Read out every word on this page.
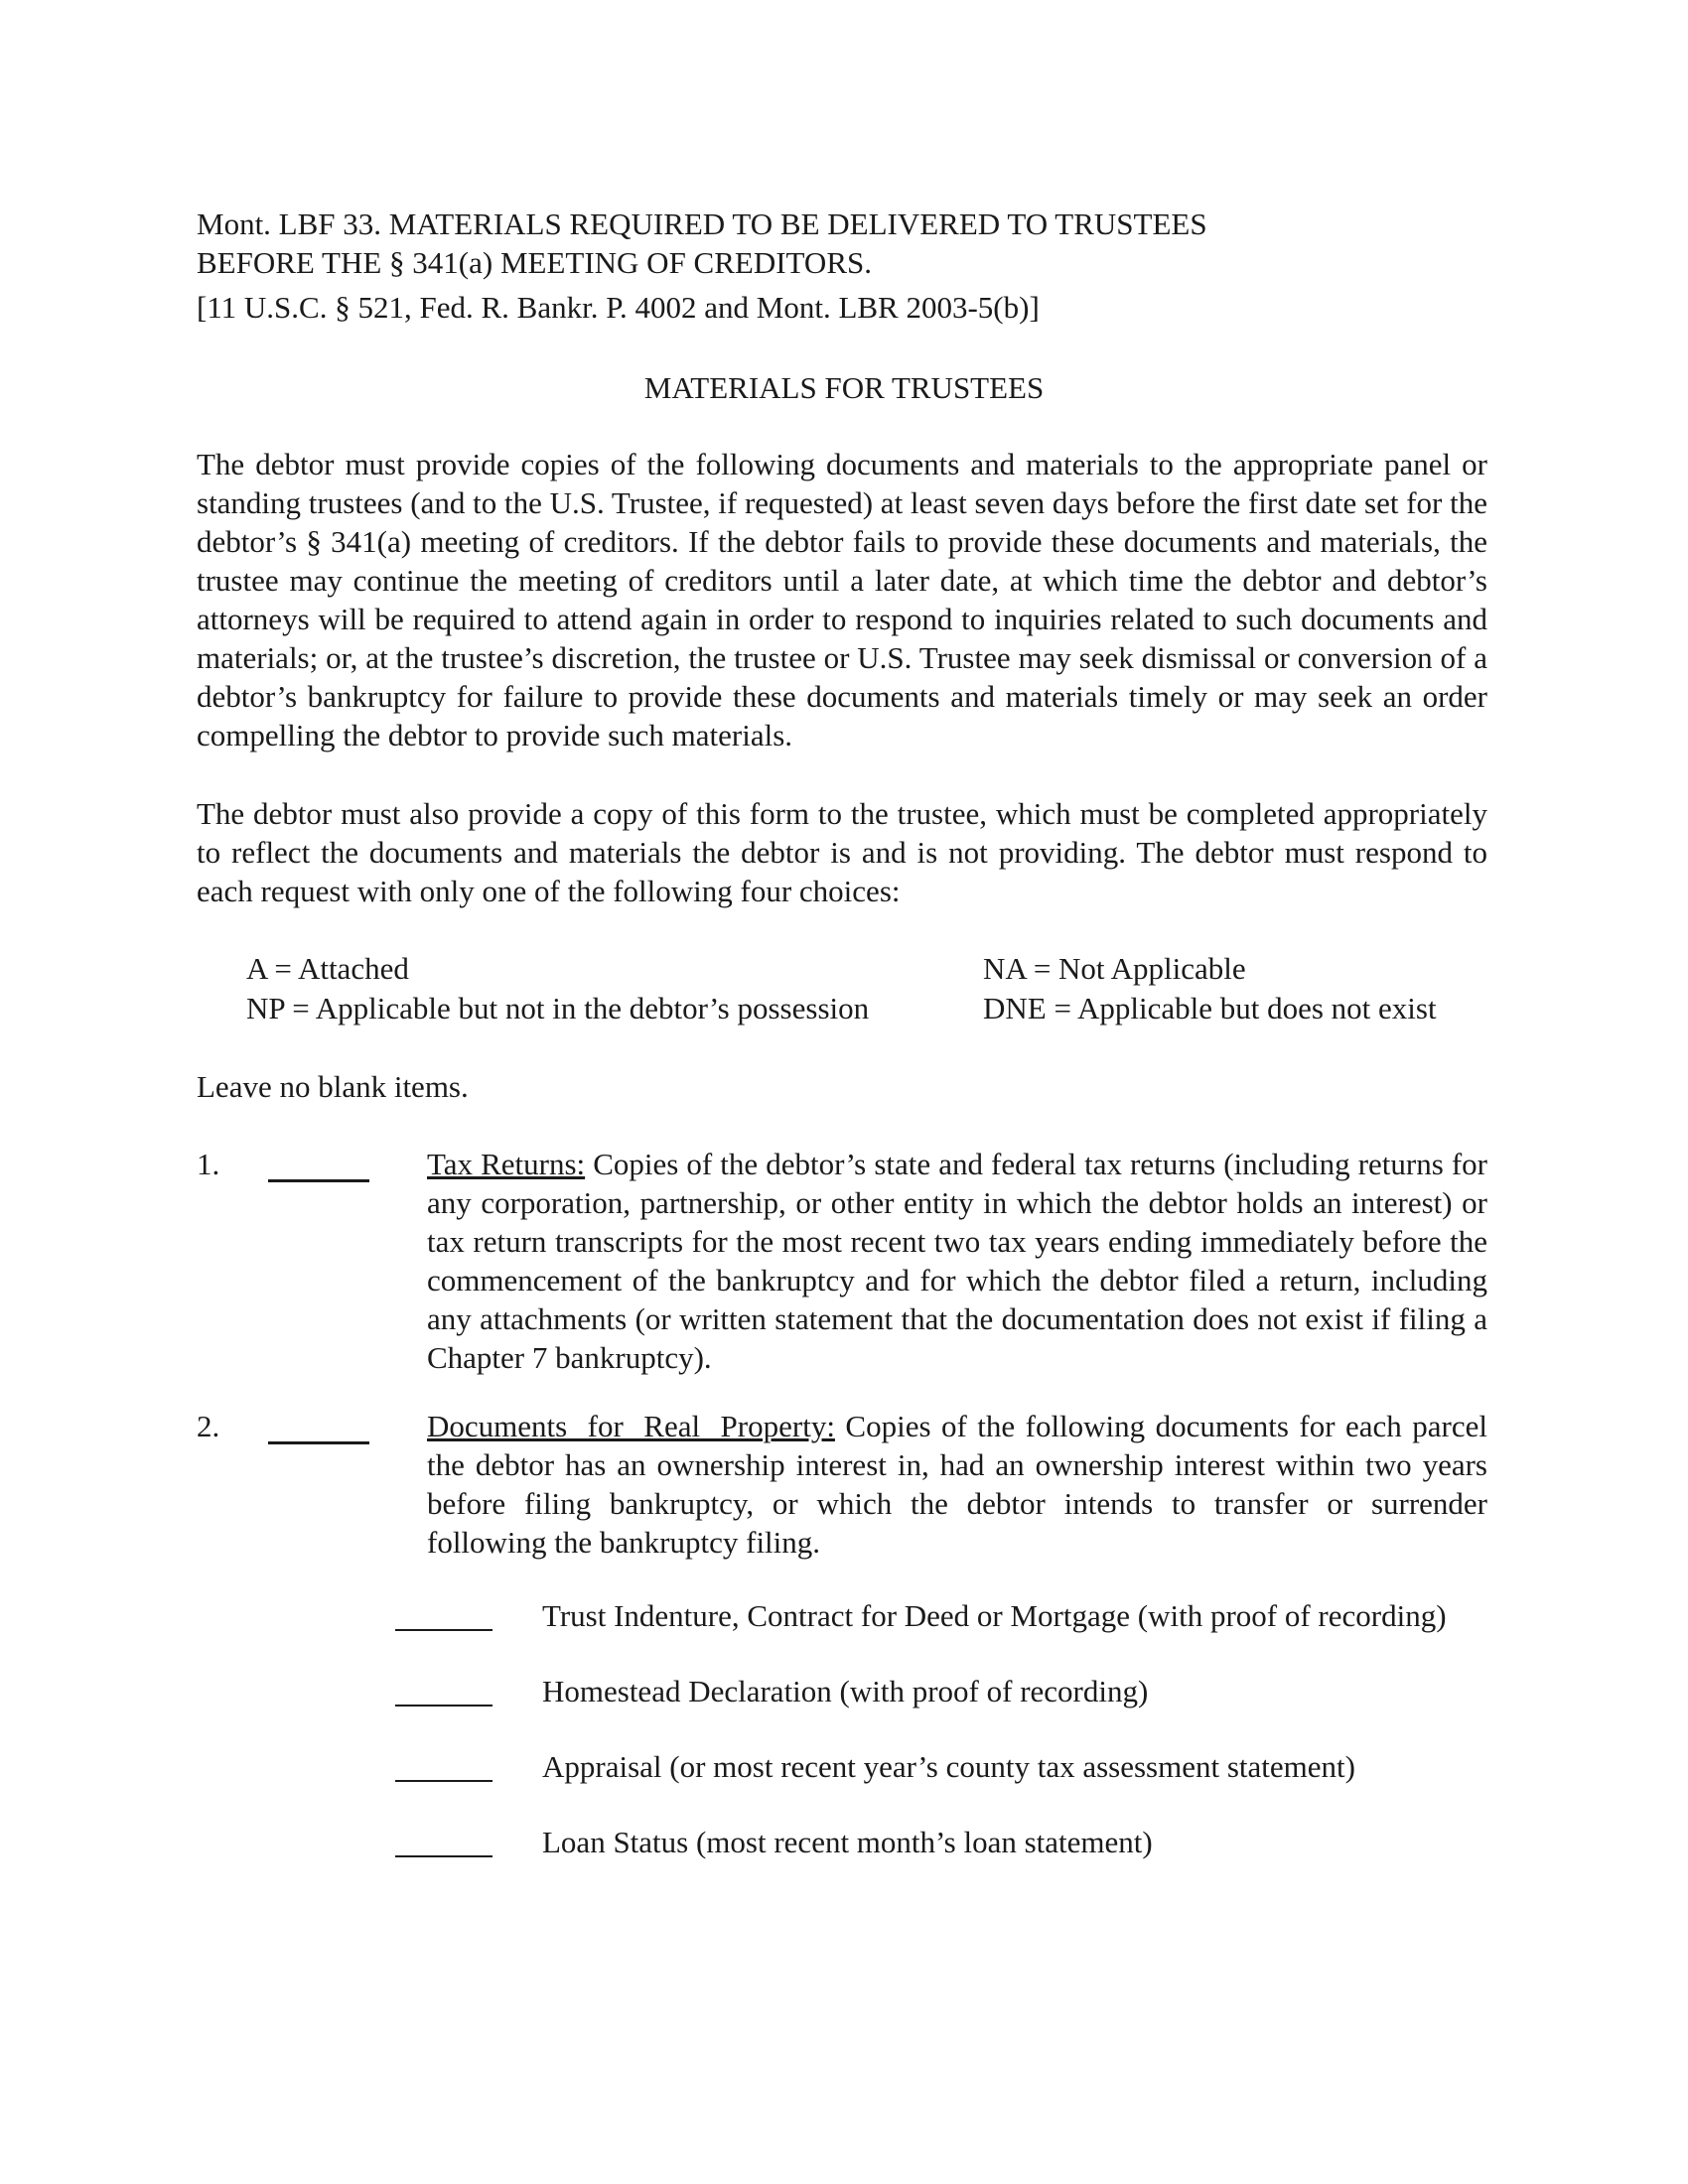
Mont. LBF 33. MATERIALS REQUIRED TO BE DELIVERED TO TRUSTEES
BEFORE THE § 341(a) MEETING OF CREDITORS.
[11 U.S.C. § 521, Fed. R. Bankr. P. 4002 and Mont. LBR 2003-5(b)]
MATERIALS FOR TRUSTEES
The debtor must provide copies of the following documents and materials to the appropriate panel or standing trustees (and to the U.S. Trustee, if requested) at least seven days before the first date set for the debtor’s § 341(a) meeting of creditors. If the debtor fails to provide these documents and materials, the trustee may continue the meeting of creditors until a later date, at which time the debtor and debtor’s attorneys will be required to attend again in order to respond to inquiries related to such documents and materials; or, at the trustee’s discretion, the trustee or U.S. Trustee may seek dismissal or conversion of a debtor’s bankruptcy for failure to provide these documents and materials timely or may seek an order compelling the debtor to provide such materials.
The debtor must also provide a copy of this form to the trustee, which must be completed appropriately to reflect the documents and materials the debtor is and is not providing. The debtor must respond to each request with only one of the following four choices:
A = Attached	NA = Not Applicable
NP = Applicable but not in the debtor’s possession	DNE = Applicable but does not exist
Leave no blank items.
1.	Tax Returns: Copies of the debtor’s state and federal tax returns (including returns for any corporation, partnership, or other entity in which the debtor holds an interest) or tax return transcripts for the most recent two tax years ending immediately before the commencement of the bankruptcy and for which the debtor filed a return, including any attachments (or written statement that the documentation does not exist if filing a Chapter 7 bankruptcy).
2.	Documents for Real Property: Copies of the following documents for each parcel the debtor has an ownership interest in, had an ownership interest within two years before filing bankruptcy, or which the debtor intends to transfer or surrender following the bankruptcy filing.
Trust Indenture, Contract for Deed or Mortgage (with proof of recording)
Homestead Declaration (with proof of recording)
Appraisal (or most recent year’s county tax assessment statement)
Loan Status (most recent month’s loan statement)
